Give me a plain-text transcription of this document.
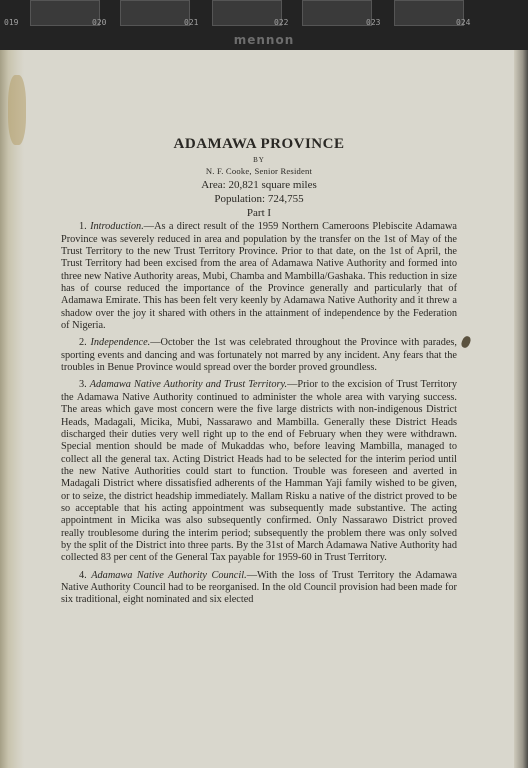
019	020	021	022	023	024
mennon
ADAMAWA PROVINCE
BY
N. F. Cooke, Senior Resident
Area: 20,821 square miles
Population: 724,755
Part I

1. Introduction.—As a direct result of the 1959 Northern Cameroons Plebiscite Adamawa Province was severely reduced in area and population by the transfer on the 1st of May of the Trust Territory to the new Trust Territory Province. Prior to that date, on the 1st of April, the Trust Territory had been excised from the area of Adamawa Native Authority and formed into three new Native Authority areas, Mubi, Chamba and Mambilla/Gashaka. This reduction in size has of course reduced the importance of the Province generally and particularly that of Adamawa Emirate. This has been felt very keenly by Adamawa Native Authority and it threw a shadow over the joy it shared with others in the attainment of independence by the Federation of Nigeria.

2. Independence.—October the 1st was celebrated throughout the Province with parades, sporting events and dancing and was fortunately not marred by any incident. Any fears that the troubles in Benue Province would spread over the border proved groundless.

3. Adamawa Native Authority and Trust Territory.—Prior to the excision of Trust Territory the Adamawa Native Authority continued to administer the whole area with varying success. The areas which gave most concern were the five large districts with non-indigenous District Heads, Madagali, Micika, Mubi, Nassarawo and Mambilla. Generally these District Heads discharged their duties very well right up to the end of February when they were withdrawn. Special mention should be made of Mukaddas who, before leaving Mambilla, managed to collect all the general tax. Acting District Heads had to be selected for the interim period until the new Native Authorities could start to function. Trouble was foreseen and averted in Madagali District where dissatisfied adherents of the Hamman Yaji family wished to be given, or to seize, the district headship immediately. Mallam Risku a native of the district proved to be so acceptable that his acting appointment was subsequently made substantive. The acting appointment in Micika was also subsequently confirmed. Only Nassarawo District proved really troublesome during the interim period; subsequently the problem there was only solved by the split of the District into three parts. By the 31st of March Adamawa Native Authority had collected 83 per cent of the General Tax payable for 1959-60 in Trust Territory.

4. Adamawa Native Authority Council.—With the loss of Trust Territory the Adamawa Native Authority Council had to be reorganised. In the old Council provision had been made for six traditional, eight nominated and six elected
